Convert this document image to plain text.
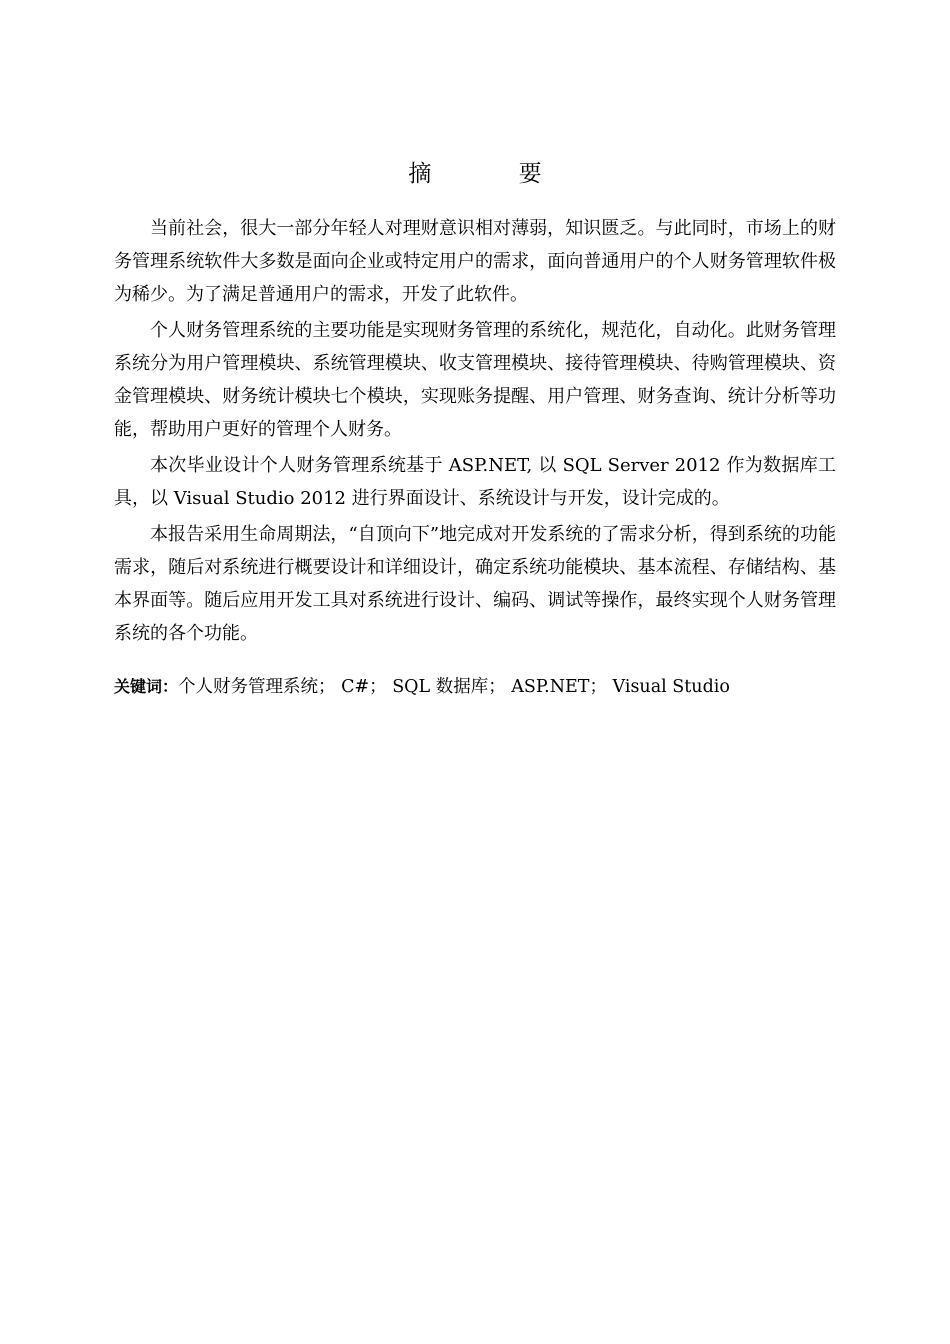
摘 要

当前社会，很大一部分年轻人对理财意识相对薄弱，知识匮乏。与此同时，市场上的财务管理系统软件大多数是面向企业或特定用户的需求，面向普通用户的个人财务管理软件极为稀少。为了满足普通用户的需求，开发了此软件。

个人财务管理系统的主要功能是实现财务管理的系统化，规范化，自动化。此财务管理系统分为用户管理模块、系统管理模块、收支管理模块、接待管理模块、待购管理模块、资金管理模块、财务统计模块七个模块，实现账务提醒、用户管理、财务查询、统计分析等功能，帮助用户更好的管理个人财务。

本次毕业设计个人财务管理系统基于 ASP.NET, 以 SQL Server 2012 作为数据库工具，以 Visual Studio 2012 进行界面设计、系统设计与开发，设计完成的。

本报告采用生命周期法，“自顶向下”地完成对开发系统的了需求分析，得到系统的功能需求，随后对系统进行概要设计和详细设计，确定系统功能模块、基本流程、存储结构、基本界面等。随后应用开发工具对系统进行设计、编码、调试等操作，最终实现个人财务管理系统的各个功能。

关键词：个人财务管理系统； C#； SQL 数据库； ASP.NET； Visual Studio
